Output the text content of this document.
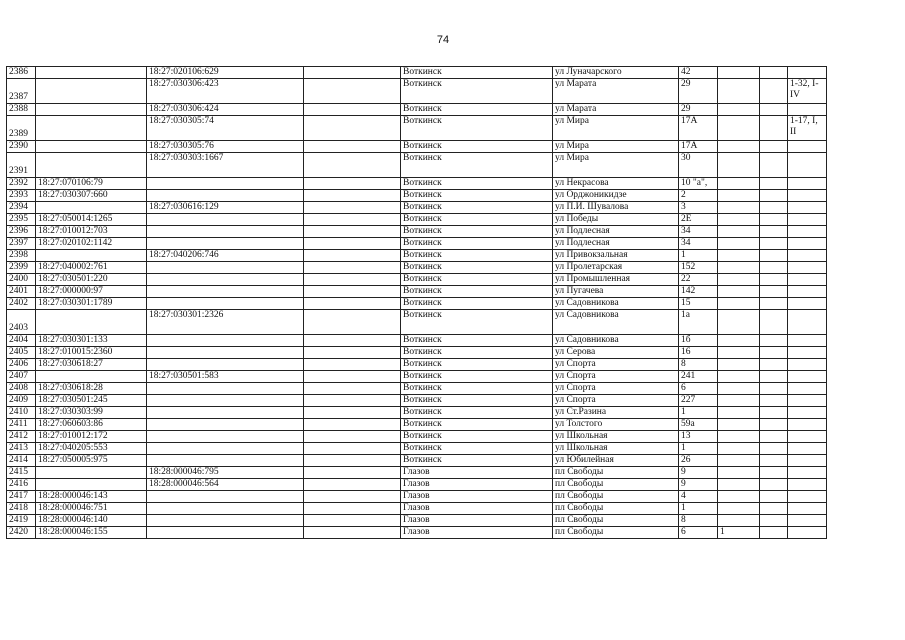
74
2386		18:27:020106:629		Воткинск	ул Луначарского	42			
2387		18:27:030306:423		Воткинск	ул Марата	29			1-32, I-IV
2388		18:27:030306:424		Воткинск	ул Марата	29			
2389		18:27:030305:74		Воткинск	ул Мира	17А			1-17, I, II
2390		18:27:030305:76		Воткинск	ул Мира	17А			
2391		18:27:030303:1667		Воткинск	ул Мира	30			
2392	18:27:070106:79			Воткинск	ул Некрасова	10 "а",			
2393	18:27:030307:660			Воткинск	ул Орджоникидзе	2			
2394		18:27:030616:129		Воткинск	ул П.И. Шувалова	3			
2395	18:27:050014:1265			Воткинск	ул Победы	2Е			
2396	18:27:010012:703			Воткинск	ул Подлесная	34			
2397	18:27:020102:1142			Воткинск	ул Подлесная	34			
2398		18:27:040206:746		Воткинск	ул Привокзальная	1			
2399	18:27:040002:761			Воткинск	ул Пролетарская	152			
2400	18:27:030501:220			Воткинск	ул Промышленная	22			
2401	18:27:000000:97			Воткинск	ул Пугачева	142			
2402	18:27:030301:1789			Воткинск	ул Садовникова	15			
2403		18:27:030301:2326		Воткинск	ул Садовникова	1а			
2404	18:27:030301:133			Воткинск	ул Садовникова	1б			
2405	18:27:010015:2360			Воткинск	ул Серова	16			
2406	18:27:030618:27			Воткинск	ул Спорта	8			
2407		18:27:030501:583		Воткинск	ул Спорта	241			
2408	18:27:030618:28			Воткинск	ул Спорта	6			
2409	18:27:030501:245			Воткинск	ул Спорта	227			
2410	18:27:030303:99			Воткинск	ул Ст.Разина	1			
2411	18:27:060603:86			Воткинск	ул Толстого	59а			
2412	18:27:010012:172			Воткинск	ул Школьная	13			
2413	18:27:040205:553			Воткинск	ул Школьная	1			
2414	18:27:050005:975			Воткинск	ул Юбилейная	26			
2415		18:28:000046:795		Глазов	пл Свободы	9			
2416		18:28:000046:564		Глазов	пл Свободы	9			
2417	18:28:000046:143			Глазов	пл Свободы	4			
2418	18:28:000046:751			Глазов	пл Свободы	1			
2419	18:28:000046:140			Глазов	пл Свободы	8			
2420	18:28:000046:155			Глазов	пл Свободы	6	1		
